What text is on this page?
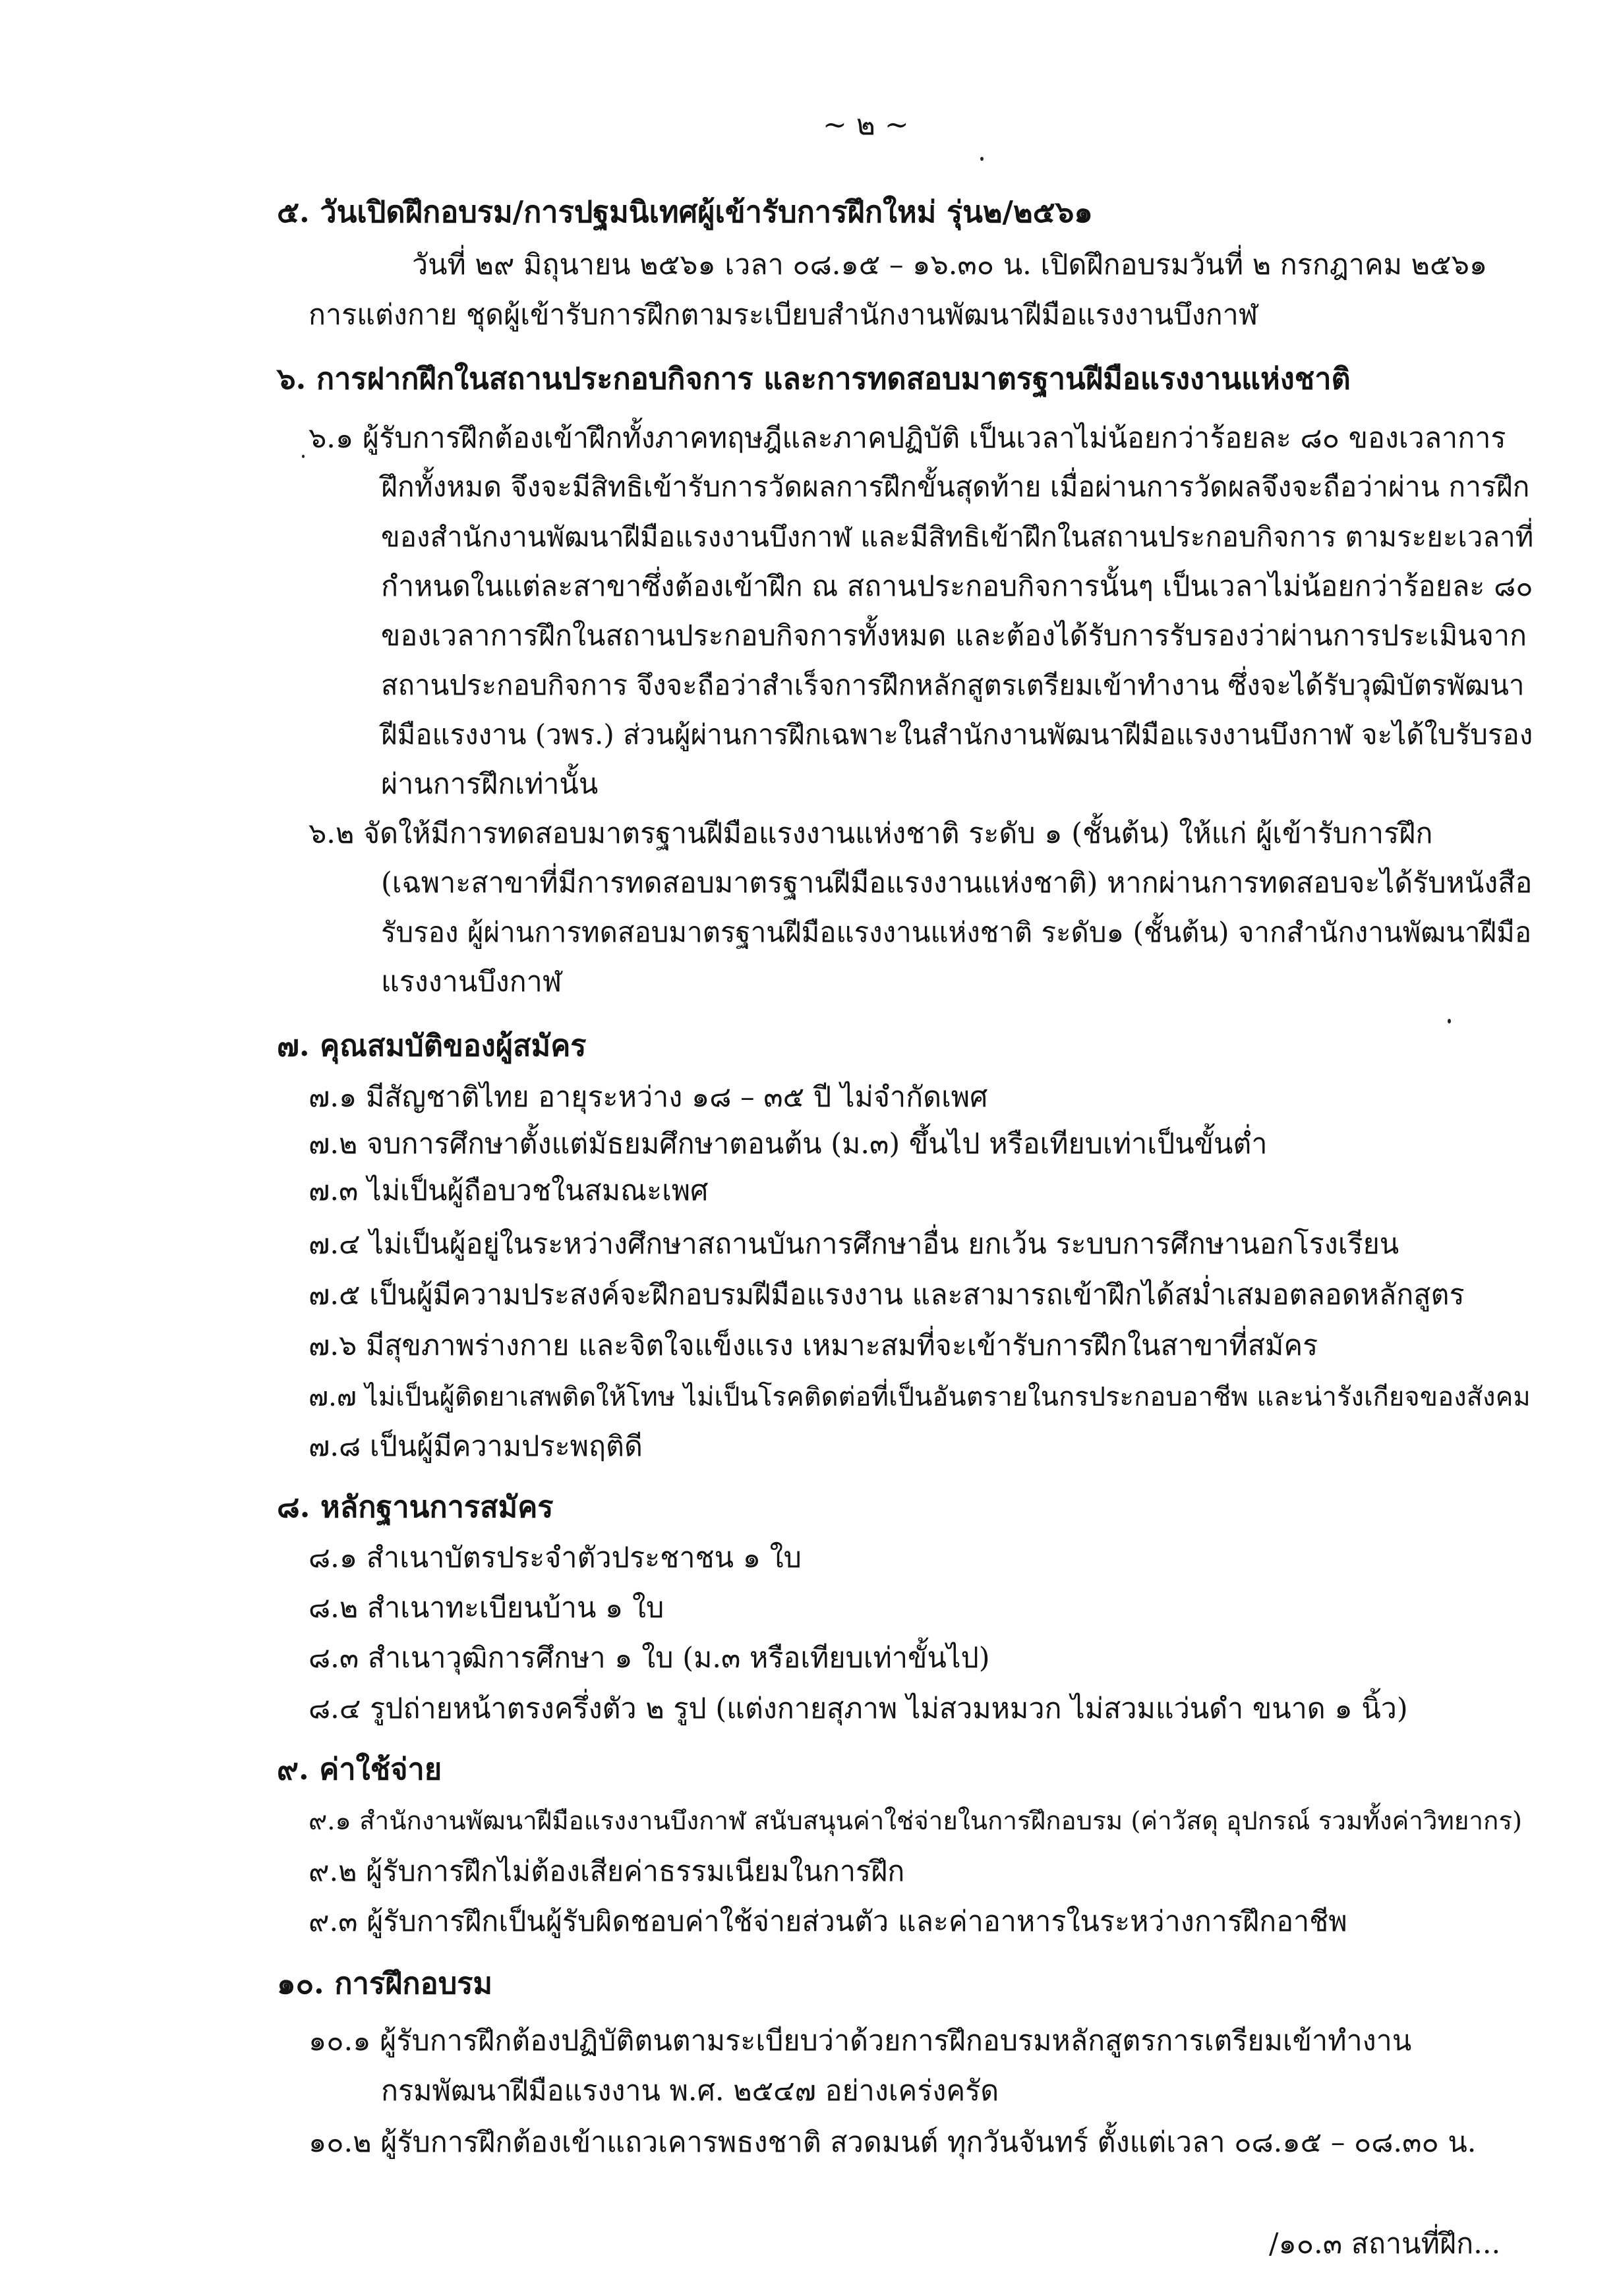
~ ๒ ~
๕. วันเปิดฝึกอบรม/การปฐมนิเทศผู้เข้ารับการฝึกใหม่ รุ่น๒/๒๕๖๑
วันที่ ๒๙ มิถุนายน ๒๕๖๑ เวลา ๐๘.๑๕ – ๑๖.๓๐ น. เปิดฝึกอบรมวันที่ ๒ กรกฎาคม ๒๕๖๑
การแต่งกาย ชุดผู้เข้ารับการฝึกตามระเบียบสำนักงานพัฒนาฝีมือแรงงานบึงกาฬ
๖. การฝากฝึกในสถานประกอบกิจการ และการทดสอบมาตรฐานฝีมือแรงงานแห่งชาติ
๖.๑ ผู้รับการฝึกต้องเข้าฝึกทั้งภาคทฤษฎีและภาคปฏิบัติ เป็นเวลาไม่น้อยกว่าร้อยละ ๘๐ ของเวลาการ
ฝึกทั้งหมด จึงจะมีสิทธิเข้ารับการวัดผลการฝึกขั้นสุดท้าย เมื่อผ่านการวัดผลจึงจะถือว่าผ่าน การฝึก
ของสำนักงานพัฒนาฝีมือแรงงานบึงกาฬ และมีสิทธิเข้าฝึกในสถานประกอบกิจการ ตามระยะเวลาที่
กำหนดในแต่ละสาขาซึ่งต้องเข้าฝึก ณ สถานประกอบกิจการนั้นๆ เป็นเวลาไม่น้อยกว่าร้อยละ ๘๐
ของเวลาการฝึกในสถานประกอบกิจการทั้งหมด และต้องได้รับการรับรองว่าผ่านการประเมินจาก
สถานประกอบกิจการ จึงจะถือว่าสำเร็จการฝึกหลักสูตรเตรียมเข้าทำงาน ซึ่งจะได้รับวุฒิบัตรพัฒนา
ฝีมือแรงงาน (วพร.) ส่วนผู้ผ่านการฝึกเฉพาะในสำนักงานพัฒนาฝีมือแรงงานบึงกาฬ จะได้ใบรับรอง
ผ่านการฝึกเท่านั้น
๖.๒ จัดให้มีการทดสอบมาตรฐานฝีมือแรงงานแห่งชาติ ระดับ ๑ (ชั้นต้น) ให้แก่ ผู้เข้ารับการฝึก
(เฉพาะสาขาที่มีการทดสอบมาตรฐานฝีมือแรงงานแห่งชาติ) หากผ่านการทดสอบจะได้รับหนังสือ
รับรอง ผู้ผ่านการทดสอบมาตรฐานฝีมือแรงงานแห่งชาติ ระดับ๑ (ชั้นต้น) จากสำนักงานพัฒนาฝีมือ
แรงงานบึงกาฬ
๗. คุณสมบัติของผู้สมัคร
๗.๑ มีสัญชาติไทย อายุระหว่าง ๑๘ – ๓๕ ปี ไม่จำกัดเพศ
๗.๒ จบการศึกษาตั้งแต่มัธยมศึกษาตอนต้น (ม.๓) ขึ้นไป หรือเทียบเท่าเป็นขั้นต่ำ
๗.๓ ไม่เป็นผู้ถือบวชในสมณะเพศ
๗.๔ ไม่เป็นผู้อยู่ในระหว่างศึกษาสถานบันการศึกษาอื่น ยกเว้น ระบบการศึกษานอกโรงเรียน
๗.๕ เป็นผู้มีความประสงค์จะฝึกอบรมฝีมือแรงงาน และสามารถเข้าฝึกได้สม่ำเสมอตลอดหลักสูตร
๗.๖ มีสุขภาพร่างกาย และจิตใจแข็งแรง เหมาะสมที่จะเข้ารับการฝึกในสาขาที่สมัคร
๗.๗ ไม่เป็นผู้ติดยาเสพติดให้โทษ ไม่เป็นโรคติดต่อที่เป็นอันตรายในกรประกอบอาชีพ และน่ารังเกียจของสังคม
๗.๘ เป็นผู้มีความประพฤติดี
๘. หลักฐานการสมัคร
๘.๑ สำเนาบัตรประจำตัวประชาชน ๑ ใบ
๘.๒ สำเนาทะเบียนบ้าน ๑ ใบ
๘.๓ สำเนาวุฒิการศึกษา ๑ ใบ (ม.๓ หรือเทียบเท่าขั้นไป)
๘.๔ รูปถ่ายหน้าตรงครึ่งตัว ๒ รูป (แต่งกายสุภาพ ไม่สวมหมวก ไม่สวมแว่นดำ ขนาด ๑ นิ้ว)
๙. ค่าใช้จ่าย
๙.๑ สำนักงานพัฒนาฝีมือแรงงานบึงกาฬ สนับสนุนค่าใช่จ่ายในการฝึกอบรม (ค่าวัสดุ อุปกรณ์ รวมทั้งค่าวิทยากร)
๙.๒ ผู้รับการฝึกไม่ต้องเสียค่าธรรมเนียมในการฝึก
๙.๓ ผู้รับการฝึกเป็นผู้รับผิดชอบค่าใช้จ่ายส่วนตัว และค่าอาหารในระหว่างการฝึกอาชีพ
๑๐. การฝึกอบรม
๑๐.๑ ผู้รับการฝึกต้องปฏิบัติตนตามระเบียบว่าด้วยการฝึกอบรมหลักสูตรการเตรียมเข้าทำงาน
กรมพัฒนาฝีมือแรงงาน พ.ศ. ๒๕๔๗ อย่างเคร่งครัด
๑๐.๒ ผู้รับการฝึกต้องเข้าแถวเคารพธงชาติ สวดมนต์ ทุกวันจันทร์ ตั้งแต่เวลา ๐๘.๑๕ – ๐๘.๓๐ น.
/๑๐.๓ สถานที่ฝึก...
